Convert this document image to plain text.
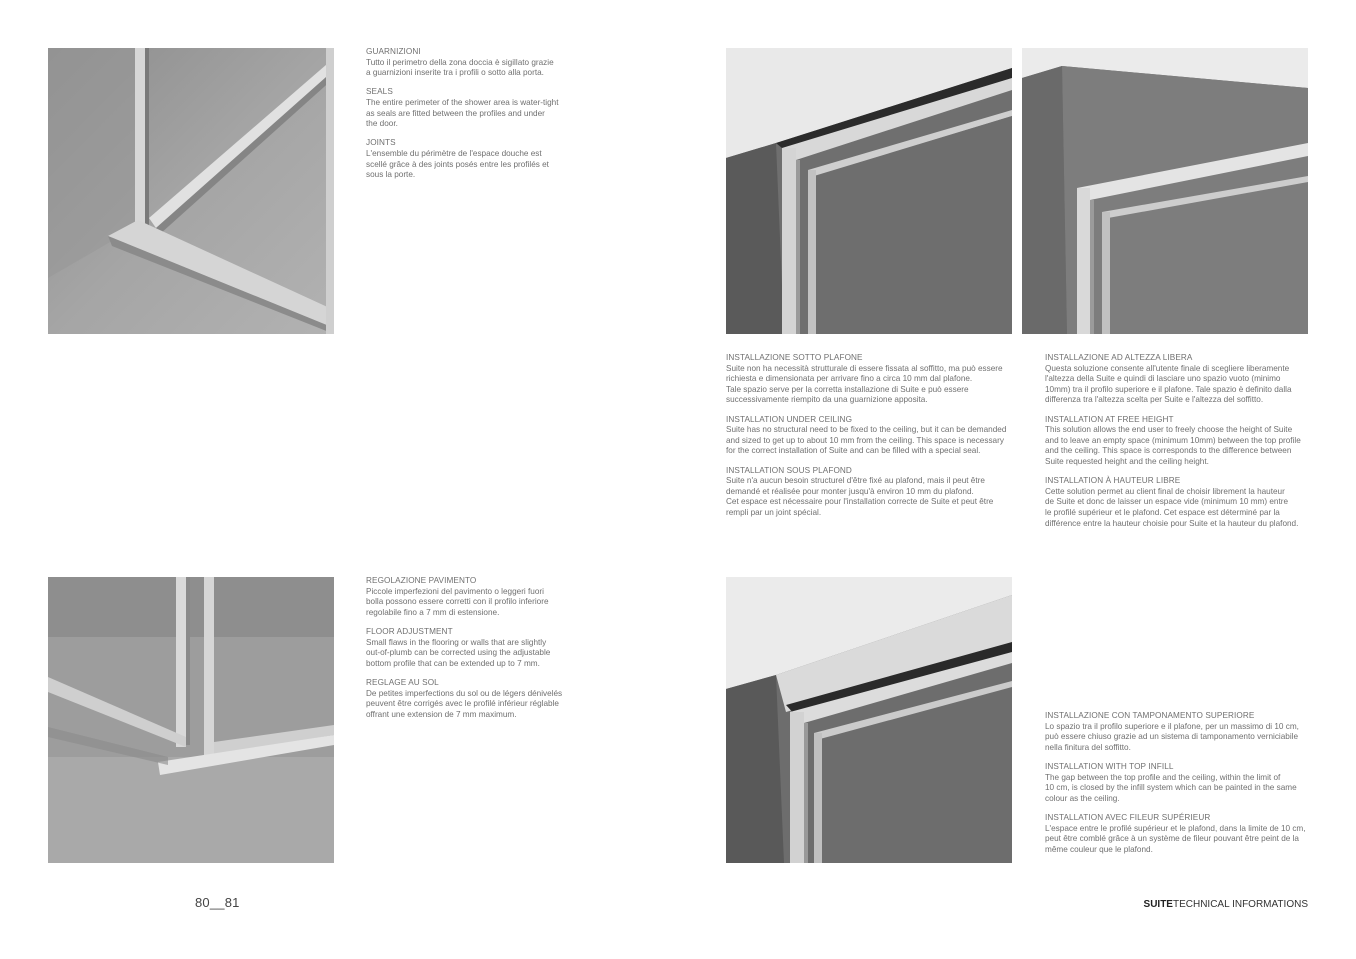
GUARNIZIONI
Tutto il perimetro della zona doccia è sigillato grazie
a guarnizioni inserite tra i profili o sotto alla porta.
SEALS
The entire perimeter of the shower area is water-tight
as seals are fitted between the profiles and under
the door.
JOINTS
L'ensemble du périmètre de l'espace douche est
scellé grâce à des joints posés entre les profilés et
sous la porte.
INSTALLAZIONE SOTTO PLAFONE
Suite non ha necessità strutturale di essere fissata al soffitto, ma può essere
richiesta e dimensionata per arrivare fino a circa 10 mm dal plafone.
Tale spazio serve per la corretta installazione di Suite e può essere
successivamente riempito da una guarnizione apposita.
INSTALLATION UNDER CEILING
Suite has no structural need to be fixed to the ceiling, but it can be demanded
and sized to get up to about 10 mm from the ceiling. This space is necessary
for the correct installation of Suite and can be filled with a special seal.
INSTALLATION SOUS PLAFOND
Suite n'a aucun besoin structurel d'être fixé au plafond, mais il peut être
demandé et réalisée pour monter jusqu'à environ 10 mm du plafond.
Cet espace est nécessaire pour l'installation correcte de Suite et peut être
rempli par un joint spécial.
INSTALLAZIONE AD ALTEZZA LIBERA
Questa soluzione consente all'utente finale di scegliere liberamente
l'altezza della Suite e quindi di lasciare uno spazio vuoto (minimo
10mm) tra il profilo superiore e il plafone. Tale spazio è definito dalla
differenza tra l'altezza scelta per Suite e l'altezza del soffitto.
INSTALLATION AT FREE HEIGHT
This solution allows the end user to freely choose the height of Suite
and to leave an empty space (minimum 10mm) between the top profile
and the ceiling. This space is corresponds to the difference between
Suite requested height and the ceiling height.
INSTALLATION À HAUTEUR LIBRE
Cette solution permet au client final de choisir librement la hauteur
de Suite et donc de laisser un espace vide (minimum 10 mm) entre
le profilé supérieur et le plafond. Cet espace est déterminé par la
différence entre la hauteur choisie pour Suite et la hauteur du plafond.
REGOLAZIONE PAVIMENTO
Piccole imperfezioni del pavimento o leggeri fuori
bolla possono essere corretti con il profilo inferiore
regolabile fino a 7 mm di estensione.
FLOOR ADJUSTMENT
Small flaws in the flooring or walls that are slightly
out-of-plumb can be corrected using the adjustable
bottom profile that can be extended up to 7 mm.
REGLAGE AU SOL
De petites imperfections du sol ou de légers dénivelés
peuvent être corrigés avec le profilé inférieur réglable
offrant une extension de 7 mm maximum.	INSTALLAZIONE CON TAMPONAMENTO SUPERIORE
Lo spazio tra il profilo superiore e il plafone, per un massimo di 10 cm,
può essere chiuso grazie ad un sistema di tamponamento verniciabile
nella finitura del soffitto.
INSTALLATION WITH TOP INFILL
The gap between the top profile and the ceiling, within the limit of
10 cm, is closed by the infill system which can be painted in the same
colour as the ceiling.
INSTALLATION AVEC FILEUR SUPÉRIEUR
L'espace entre le profilé supérieur et le plafond, dans la limite de 10 cm,
peut être comblé grâce à un système de fileur pouvant être peint de la
même couleur que le plafond.
80__81	SUITETECHNICAL INFORMATIONS
